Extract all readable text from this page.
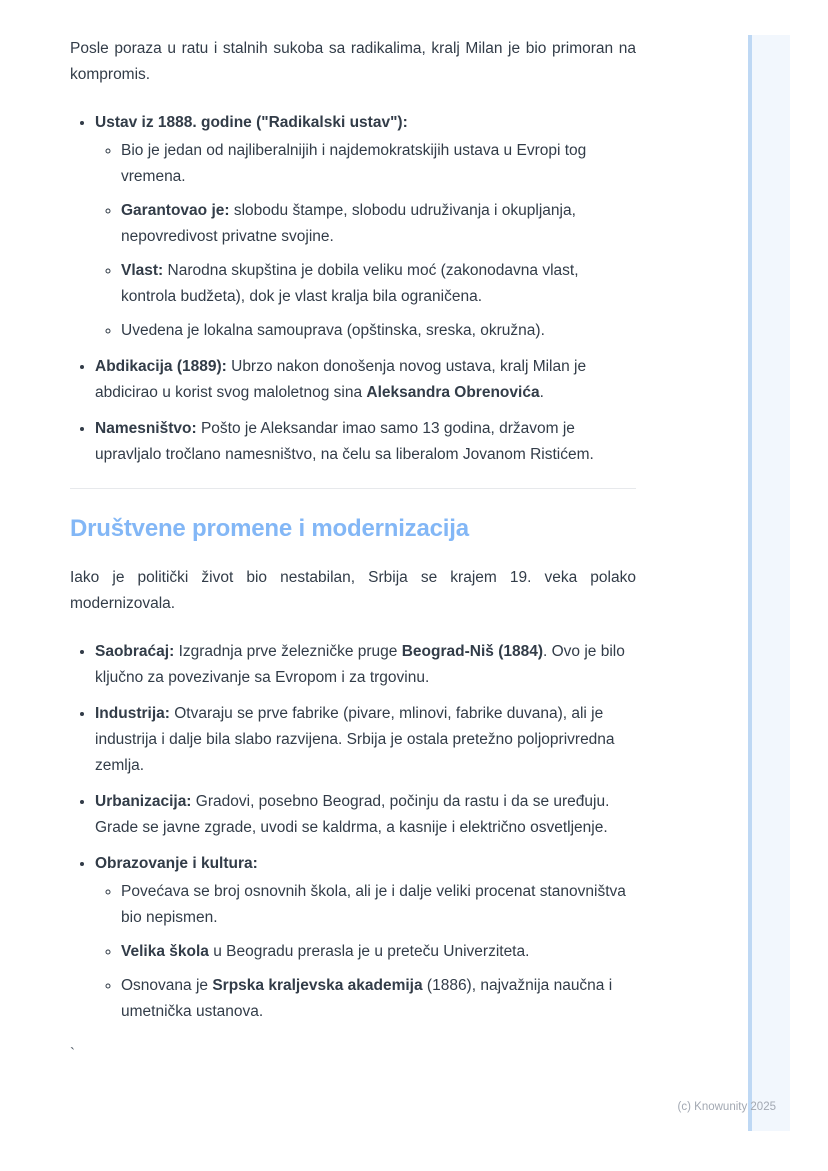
Posle poraza u ratu i stalnih sukoba sa radikalima, kralj Milan je bio primoran na kompromis.

• Ustav iz 1888. godine ("Radikalski ustav"):
◦ Bio je jedan od najliberalnijih i najdemokratskijih ustava u Evropi tog vremena.
◦ Garantovao je: slobodu štampe, slobodu udruživanja i okupljanja, nepovredivost privatne svojine.
◦ Vlast: Narodna skupština je dobila veliku moć (zakonodavna vlast, kontrola budžeta), dok je vlast kralja bila ograničena.
◦ Uvedena je lokalna samouprava (opštinska, sreska, okružna).
• Abdikacija (1889): Ubrzo nakon donošenja novog ustava, kralj Milan je abdicirao u korist svog maloletnog sina Aleksandra Obrenovića.
• Namesništvo: Pošto je Aleksandar imao samo 13 godina, državom je upravljalo tročlano namesništvo, na čelu sa liberalom Jovanom Ristićem.
Društvene promene i modernizacija

Iako je politički život bio nestabilan, Srbija se krajem 19. veka polako modernizovala.

• Saobraćaj: Izgradnja prve železničke pruge Beograd-Niš (1884). Ovo je bilo ključno za povezivanje sa Evropom i za trgovinu.
• Industrija: Otvaraju se prve fabrike (pivare, mlinovi, fabrike duvana), ali je industrija i dalje bila slabo razvijena. Srbija je ostala pretežno poljoprivredna zemlja.
• Urbanizacija: Gradovi, posebno Beograd, počinju da rastu i da se uređuju. Grade se javne zgrade, uvodi se kaldrma, a kasnije i električno osvetljenje.
• Obrazovanje i kultura:
◦ Povećava se broj osnovnih škola, ali je i dalje veliki procenat stanovništva bio nepismen.
◦ Velika škola u Beogradu prerasla je u preteču Univerziteta.
◦ Osnovana je Srpska kraljevska akademija (1886), najvažnija naučna i umetnička ustanova.
`
(c) Knowunity 2025
